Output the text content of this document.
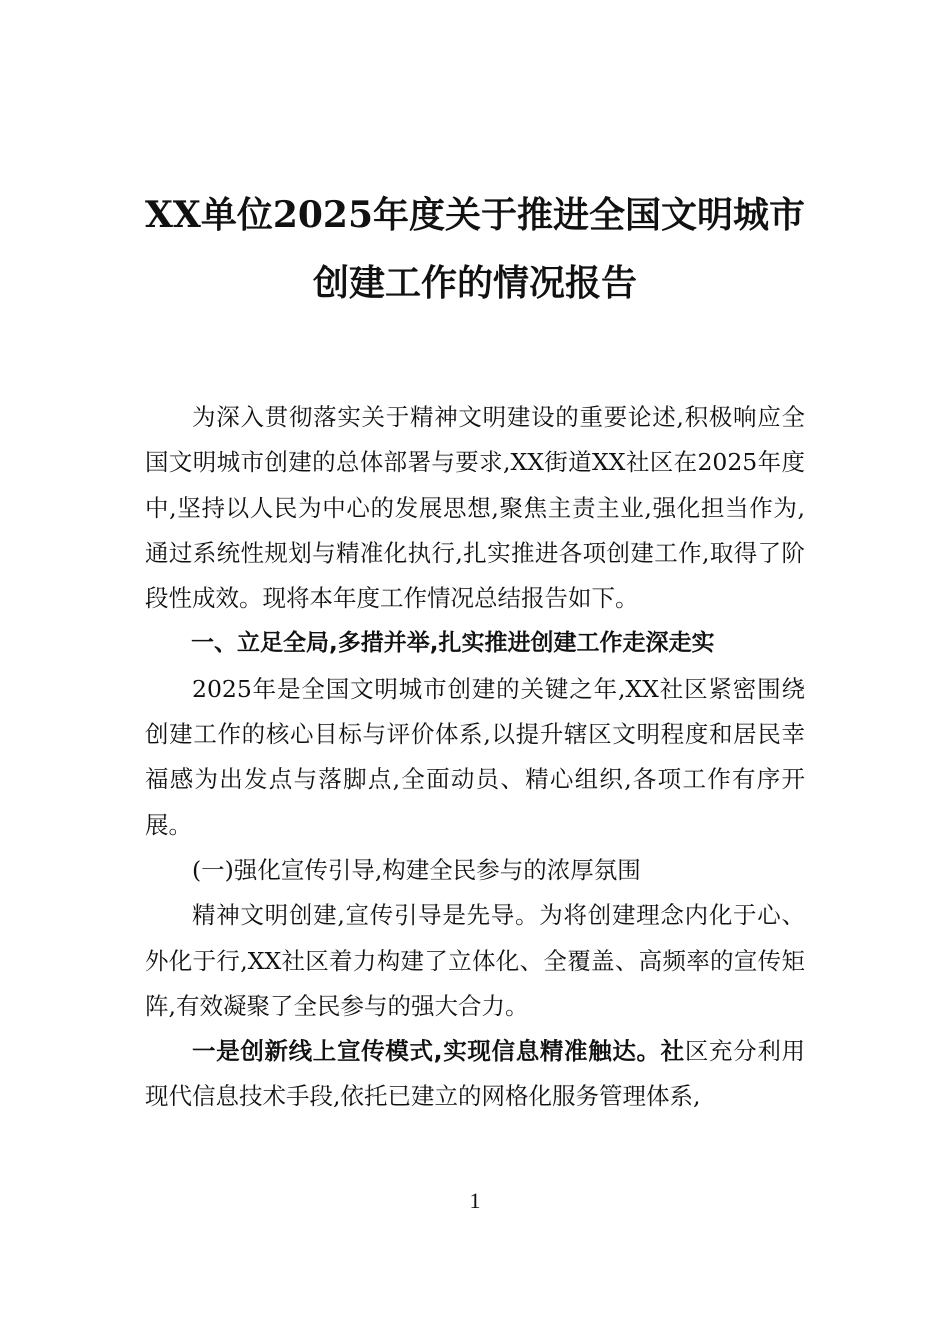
XX单位2025年度关于推进全国文明城市
创建工作的情况报告

为深入贯彻落实关于精神文明建设的重要论述,积极响应全国文明城市创建的总体部署与要求,XX街道XX社区在2025年度中,坚持以人民为中心的发展思想,聚焦主责主业,强化担当作为,通过系统性规划与精准化执行,扎实推进各项创建工作,取得了阶段性成效。现将本年度工作情况总结报告如下。

一、立足全局,多措并举,扎实推进创建工作走深走实

2025年是全国文明城市创建的关键之年,XX社区紧密围绕创建工作的核心目标与评价体系,以提升辖区文明程度和居民幸福感为出发点与落脚点,全面动员、精心组织,各项工作有序开展。

(一)强化宣传引导,构建全民参与的浓厚氛围

精神文明创建,宣传引导是先导。为将创建理念内化于心、外化于行,XX社区着力构建了立体化、全覆盖、高频率的宣传矩阵,有效凝聚了全民参与的强大合力。

一是创新线上宣传模式,实现信息精准触达。社区充分利用现代信息技术手段,依托已建立的网格化服务管理体系,

1
